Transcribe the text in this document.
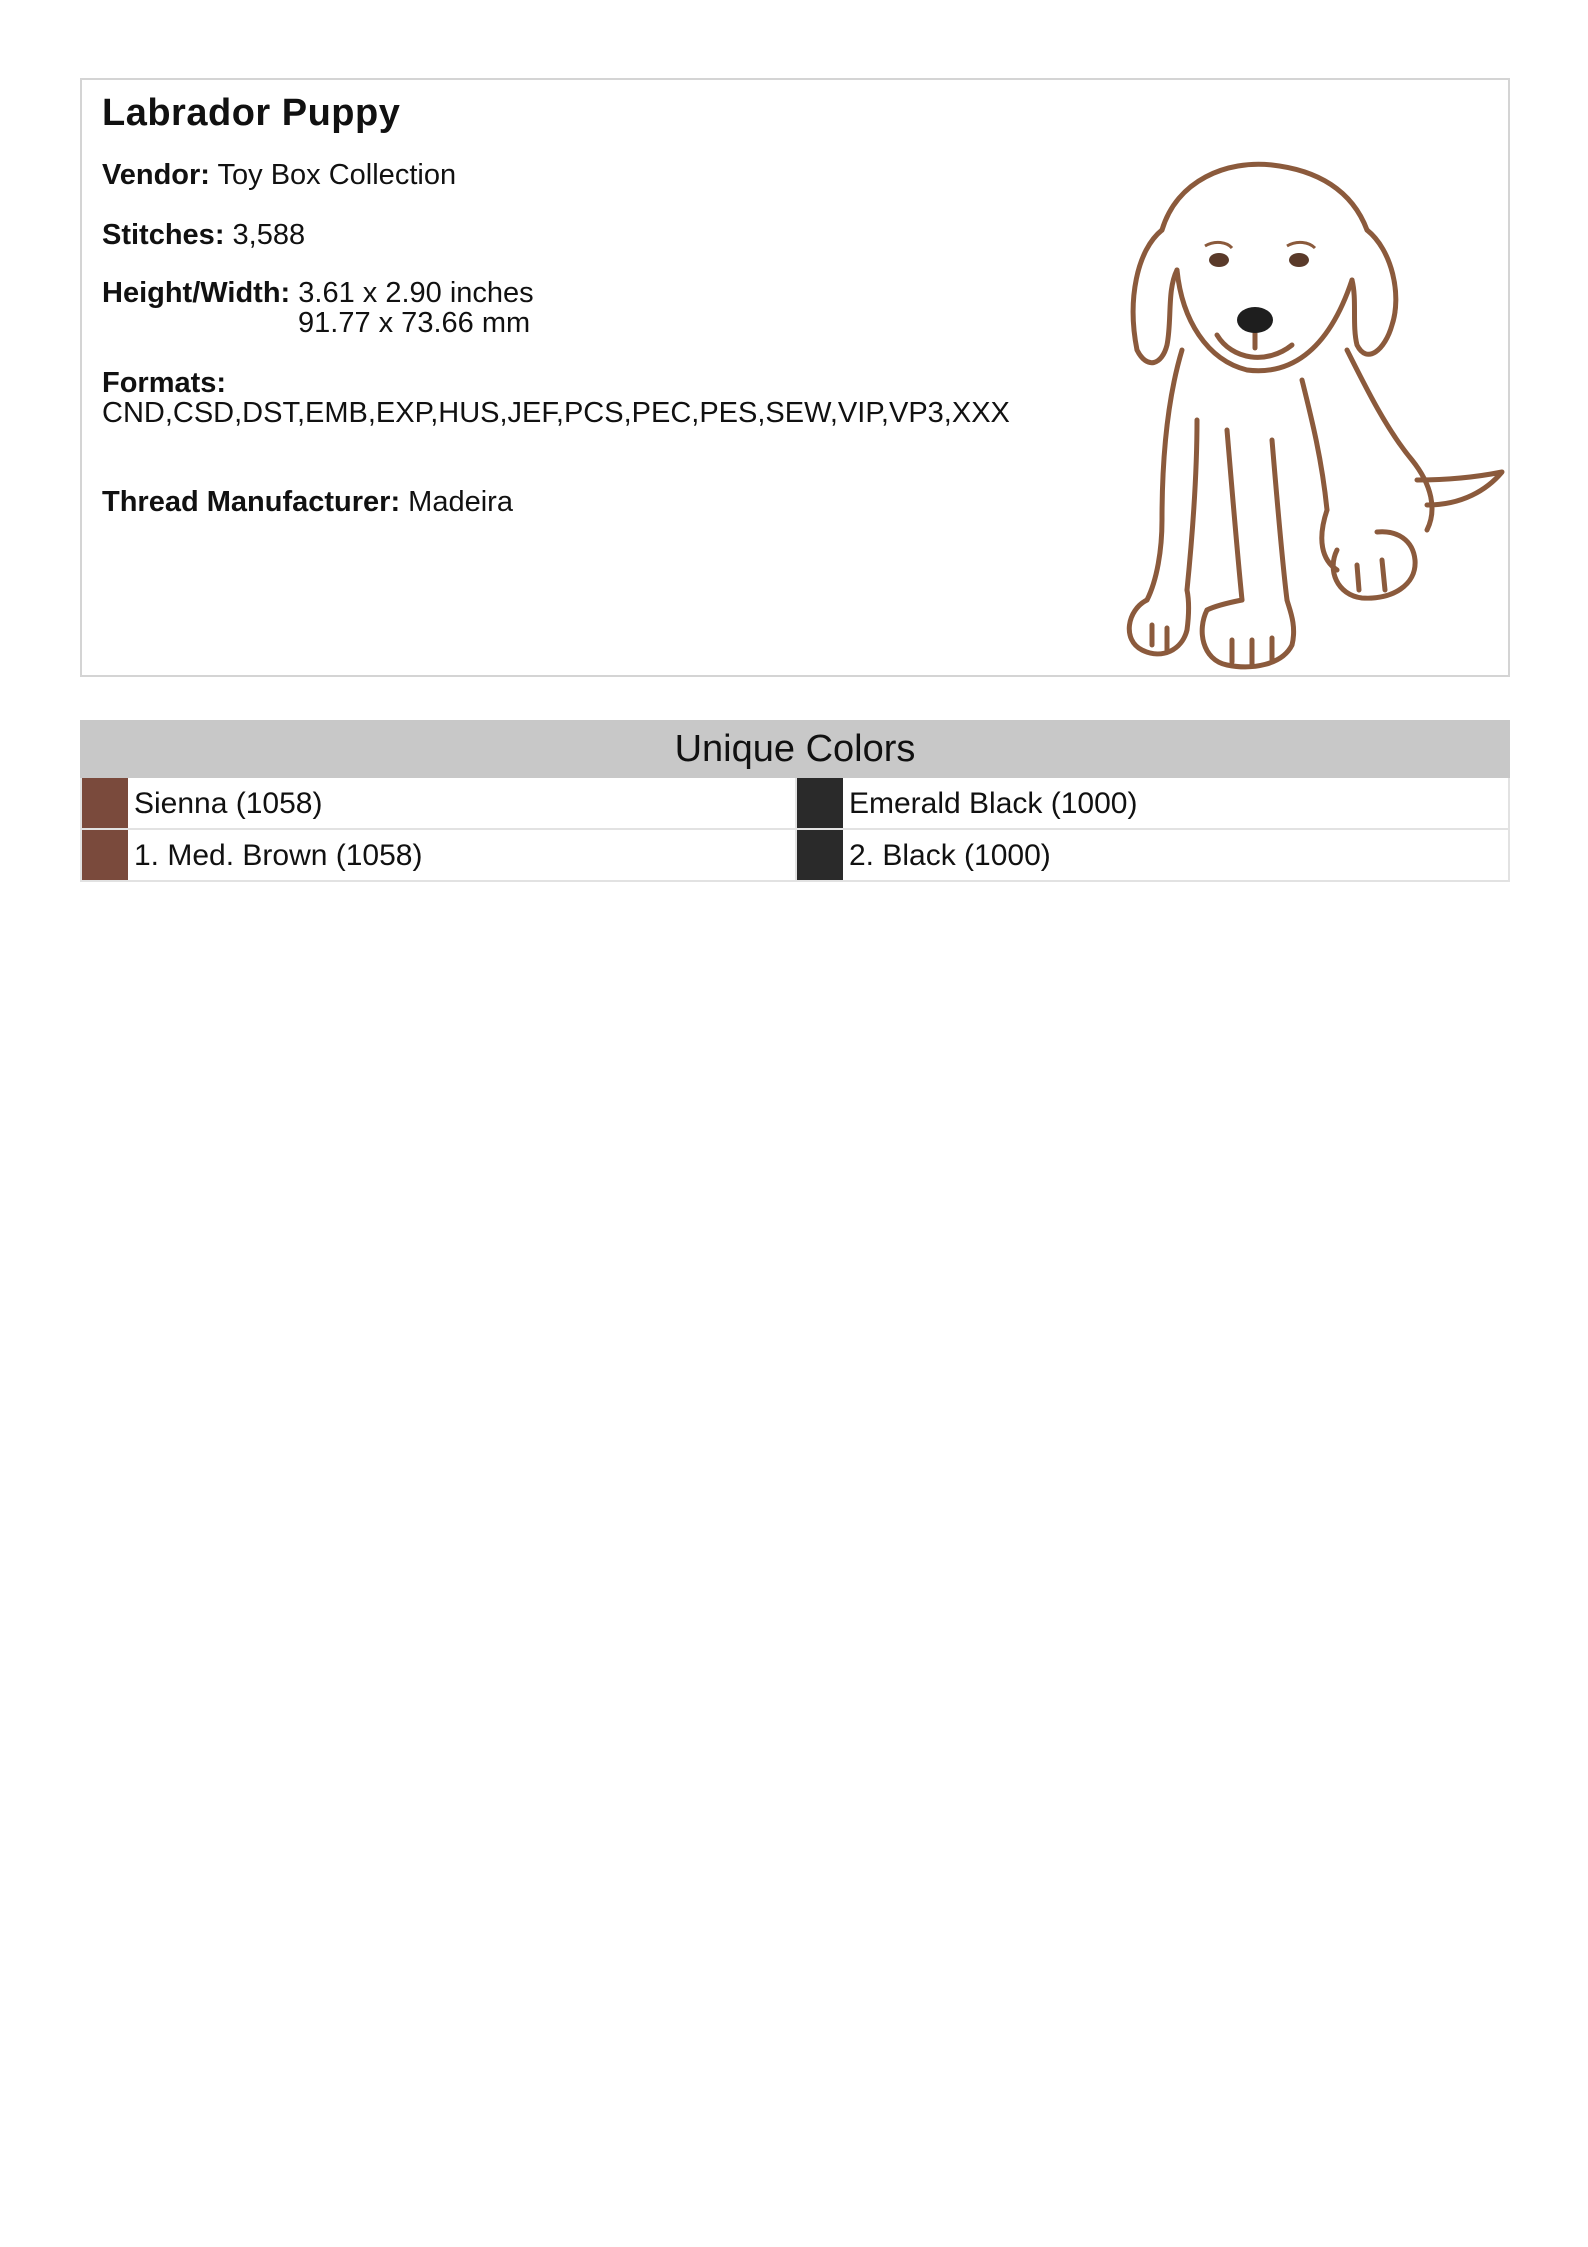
Labrador Puppy
Vendor: Toy Box Collection
Stitches: 3,588
Height/Width: 3.61 x 2.90 inches
91.77 x 73.66 mm
Formats:
CND,CSD,DST,EMB,EXP,HUS,JEF,PCS,PEC,PES,SEW,VIP,VP3,XXX
Thread Manufacturer: Madeira
Unique Colors
Sienna (1058)	Emerald Black (1000)
1. Med. Brown (1058)	2. Black (1000)
